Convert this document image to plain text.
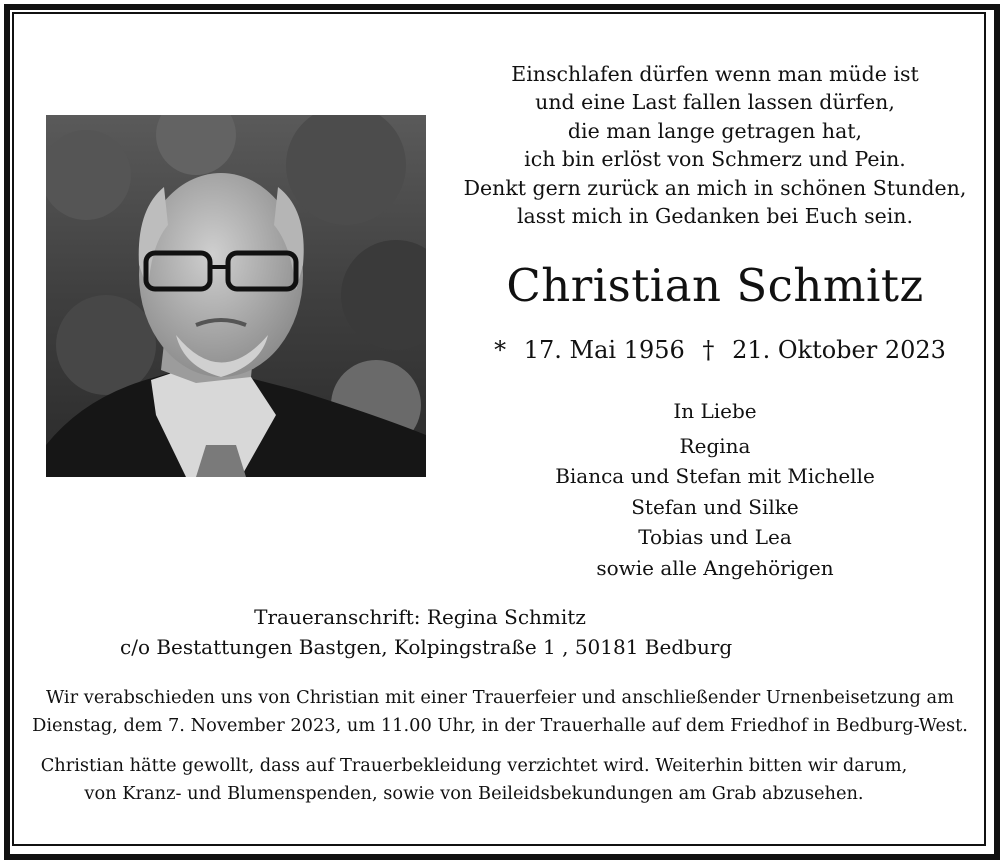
Einschlafen dürfen wenn man müde ist
und eine Last fallen lassen dürfen,
die man lange getragen hat,
ich bin erlöst von Schmerz und Pein.
Denkt gern zurück an mich in schönen Stunden,
lasst mich in Gedanken bei Euch sein.
Christian Schmitz
* 17. Mai 1956 † 21. Oktober 2023
In Liebe
Regina
Bianca und Stefan mit Michelle
Stefan und Silke
Tobias und Lea
sowie alle Angehörigen
Traueranschrift: Regina Schmitz
c/o Bestattungen Bastgen, Kolpingstraße 1 , 50181 Bedburg
Wir verabschieden uns von Christian mit einer Trauerfeier und anschließender Urnenbeisetzung am
Dienstag, dem 7. November 2023, um 11.00 Uhr, in der Trauerhalle auf dem Friedhof in Bedburg-West.
Christian hätte gewollt, dass auf Trauerbekleidung verzichtet wird. Weiterhin bitten wir darum,
von Kranz- und Blumenspenden, sowie von Beileidsbekundungen am Grab abzusehen.
